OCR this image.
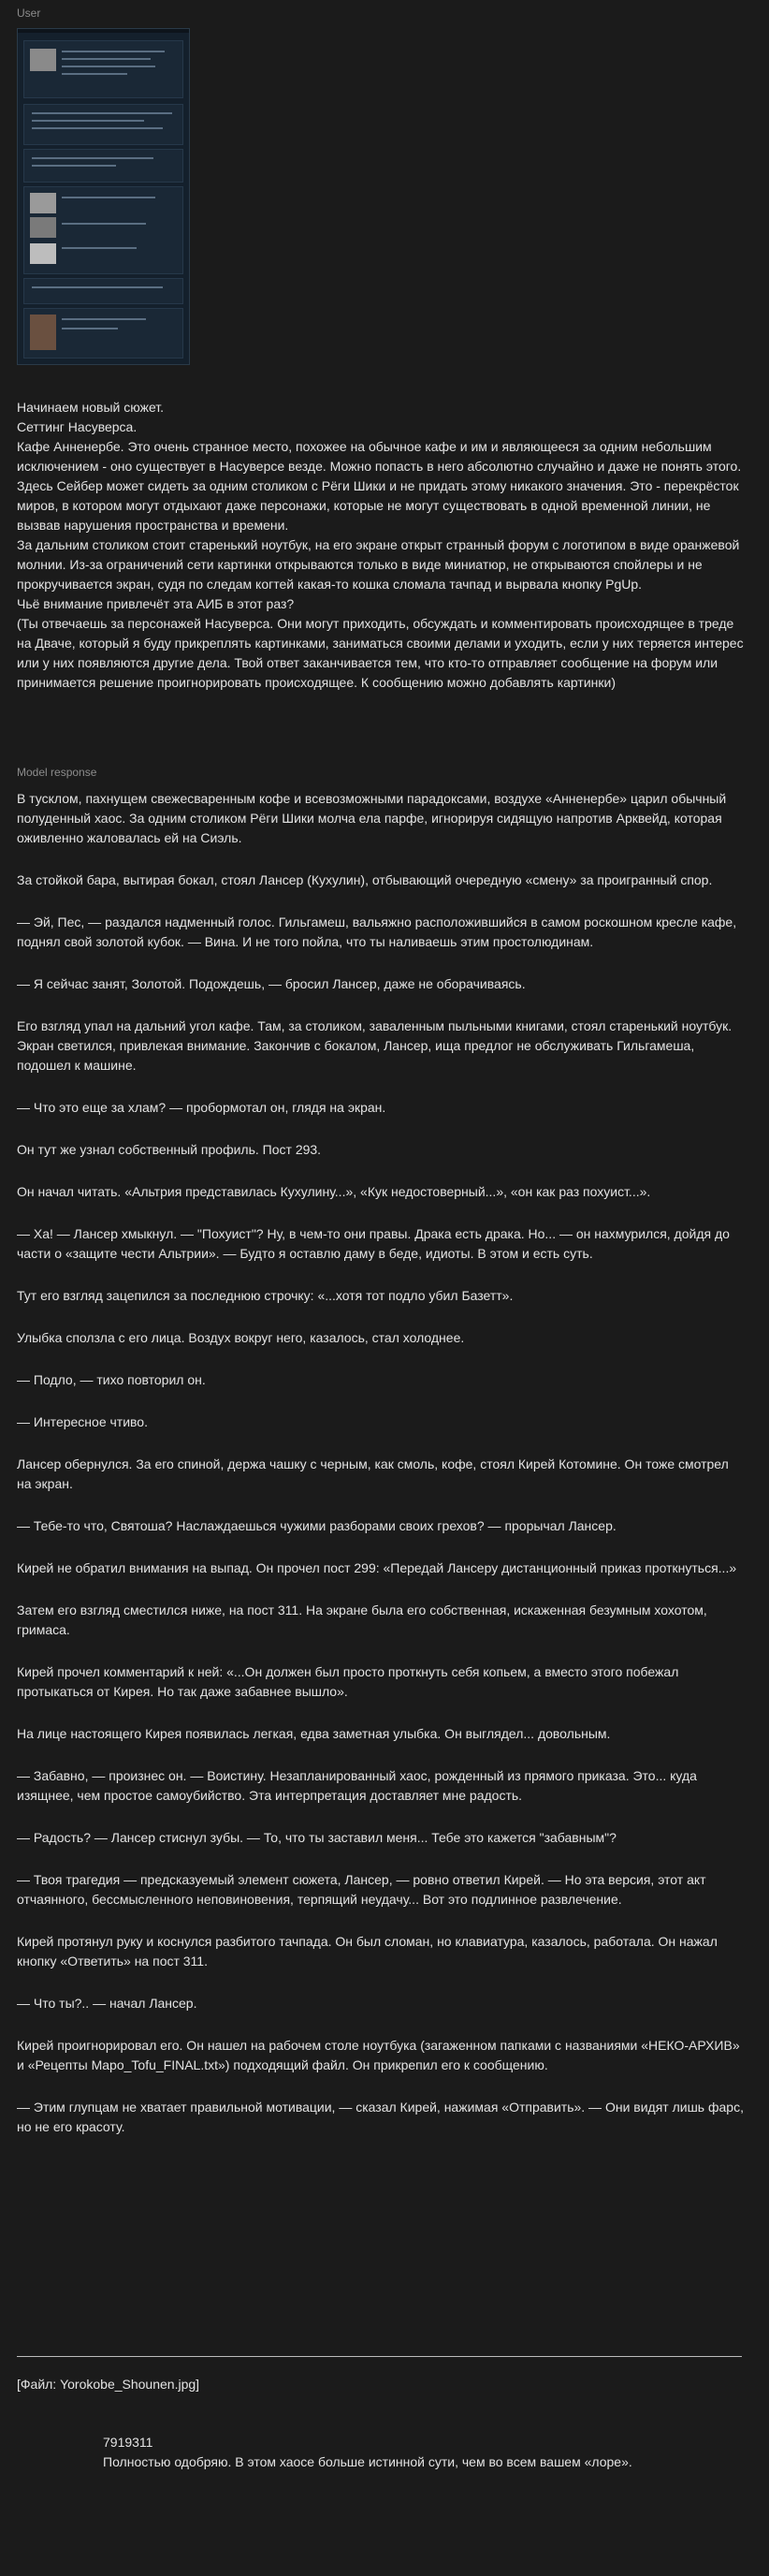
User
Начинаем новый сюжет.
Сеттинг Насуверса.
Кафе Анненербе. Это очень странное место, похожее на обычное кафе и им и являющееся за одним небольшим исключением - оно существует в Насуверсе везде. Можно попасть в него абсолютно случайно и даже не понять этого. Здесь Сейбер может сидеть за одним столиком с Рёги Шики и не придать этому никакого значения. Это - перекрёсток миров, в котором могут отдыхают даже персонажи, которые не могут существовать в одной временной линии, не вызвав нарушения пространства и времени.
За дальним столиком стоит старенький ноутбук, на его экране открыт странный форум с логотипом в виде оранжевой молнии. Из-за ограничений сети картинки открываются только в виде миниатюр, не открываются спойлеры и не прокручивается экран, судя по следам когтей какая-то кошка сломала тачпад и вырвала кнопку PgUp.
Чьё внимание привлечёт эта АИБ в этот раз?
(Ты отвечаешь за персонажей Насуверса. Они могут приходить, обсуждать и комментировать происходящее в треде на Дваче, который я буду прикреплять картинками, заниматься своими делами и уходить, если у них теряется интерес или у них появляются другие дела. Твой ответ заканчивается тем, что кто-то отправляет сообщение на форум или принимается решение проигнорировать происходящее. К сообщению можно добавлять картинки)
Model response

В тусклом, пахнущем свежесваренным кофе и всевозможными парадоксами, воздухе «Анненербе» царил обычный полуденный хаос. За одним столиком Рёги Шики молча ела парфе, игнорируя сидящую напротив Арквейд, которая оживленно жаловалась ей на Сиэль.

За стойкой бара, вытирая бокал, стоял Лансер (Кухулин), отбывающий очередную «смену» за проигранный спор.

— Эй, Пес, — раздался надменный голос. Гильгамеш, вальяжно расположившийся в самом роскошном кресле кафе, поднял свой золотой кубок. — Вина. И не того пойла, что ты наливаешь этим простолюдинам.

— Я сейчас занят, Золотой. Подождешь, — бросил Лансер, даже не оборачиваясь.

Его взгляд упал на дальний угол кафе. Там, за столиком, заваленным пыльными книгами, стоял старенький ноутбук. Экран светился, привлекая внимание. Закончив с бокалом, Лансер, ища предлог не обслуживать Гильгамеша, подошел к машине.

— Что это еще за хлам? — пробормотал он, глядя на экран.

Он тут же узнал собственный профиль. Пост 293.

Он начал читать. «Альтрия представилась Кухулину...», «Кук недостоверный...», «он как раз похуист...».

— Ха! — Лансер хмыкнул. — "Похуист"? Ну, в чем-то они правы. Драка есть драка. Но... — он нахмурился, дойдя до части о «защите чести Альтрии». — Будто я оставлю даму в беде, идиоты. В этом и есть суть.

Тут его взгляд зацепился за последнюю строчку: «...хотя тот подло убил Базетт».

Улыбка сползла с его лица. Воздух вокруг него, казалось, стал холоднее.

— Подло, — тихо повторил он.

— Интересное чтиво.

Лансер обернулся. За его спиной, держа чашку с черным, как смоль, кофе, стоял Кирей Котомине. Он тоже смотрел на экран.

— Тебе-то что, Святоша? Наслаждаешься чужими разборами своих грехов? — прорычал Лансер.

Кирей не обратил внимания на выпад. Он прочел пост 299: «Передай Лансеру дистанционный приказ проткнуться...»

Затем его взгляд сместился ниже, на пост 311. На экране была его собственная, искаженная безумным хохотом, гримаса.

Кирей прочел комментарий к ней: «...Он должен был просто проткнуть себя копьем, а вместо этого побежал протыкаться от Кирея. Но так даже забавнее вышло».

На лице настоящего Кирея появилась легкая, едва заметная улыбка. Он выглядел... довольным.

— Забавно, — произнес он. — Воистину. Незапланированный хаос, рожденный из прямого приказа. Это... куда изящнее, чем простое самоубийство. Эта интерпретация доставляет мне радость.

— Радость? — Лансер стиснул зубы. — То, что ты заставил меня... Тебе это кажется "забавным"?

— Твоя трагедия — предсказуемый элемент сюжета, Лансер, — ровно ответил Кирей. — Но эта версия, этот акт отчаянного, бессмысленного неповиновения, терпящий неудачу... Вот это подлинное развлечение.

Кирей протянул руку и коснулся разбитого тачпада. Он был сломан, но клавиатура, казалось, работала. Он нажал кнопку «Ответить» на пост 311.

— Что ты?.. — начал Лансер.

Кирей проигнорировал его. Он нашел на рабочем столе ноутбука (загаженном папками с названиями «НЕКО-АРХИВ» и «Рецепты Mapo_Tofu_FINAL.txt») подходящий файл. Он прикрепил его к сообщению.

— Этим глупцам не хватает правильной мотивации, — сказал Кирей, нажимая «Отправить». — Они видят лишь фарс, но не его красоту.

[Файл: Yorokobe_Shounen.jpg]
7919311
Полностью одобряю. В этом хаосе больше истинной сути, чем во всем вашем «лоре».
